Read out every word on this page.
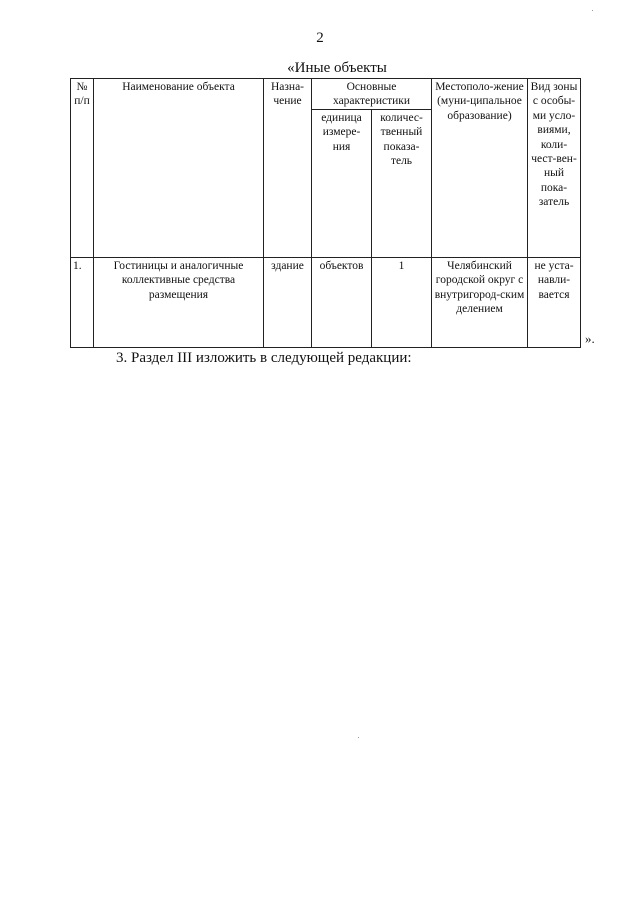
2
«Иные объекты
№ п/п	Наименование объекта	Назна-чение	Основные характеристики		Местополо-жение (муни-ципальное образование)	Вид зоны с особы-ми усло-виями, коли-чест-вен-ный пока-затель
			единица измере-ния	количес-твенный показа-тель		
1.	Гостиницы и аналогичные коллективные средства размещения	здание	объектов	1	Челябинский городской округ с внутригород-ским делением	не уста-навли-вается
».
3. Раздел III изложить в следующей редакции:
